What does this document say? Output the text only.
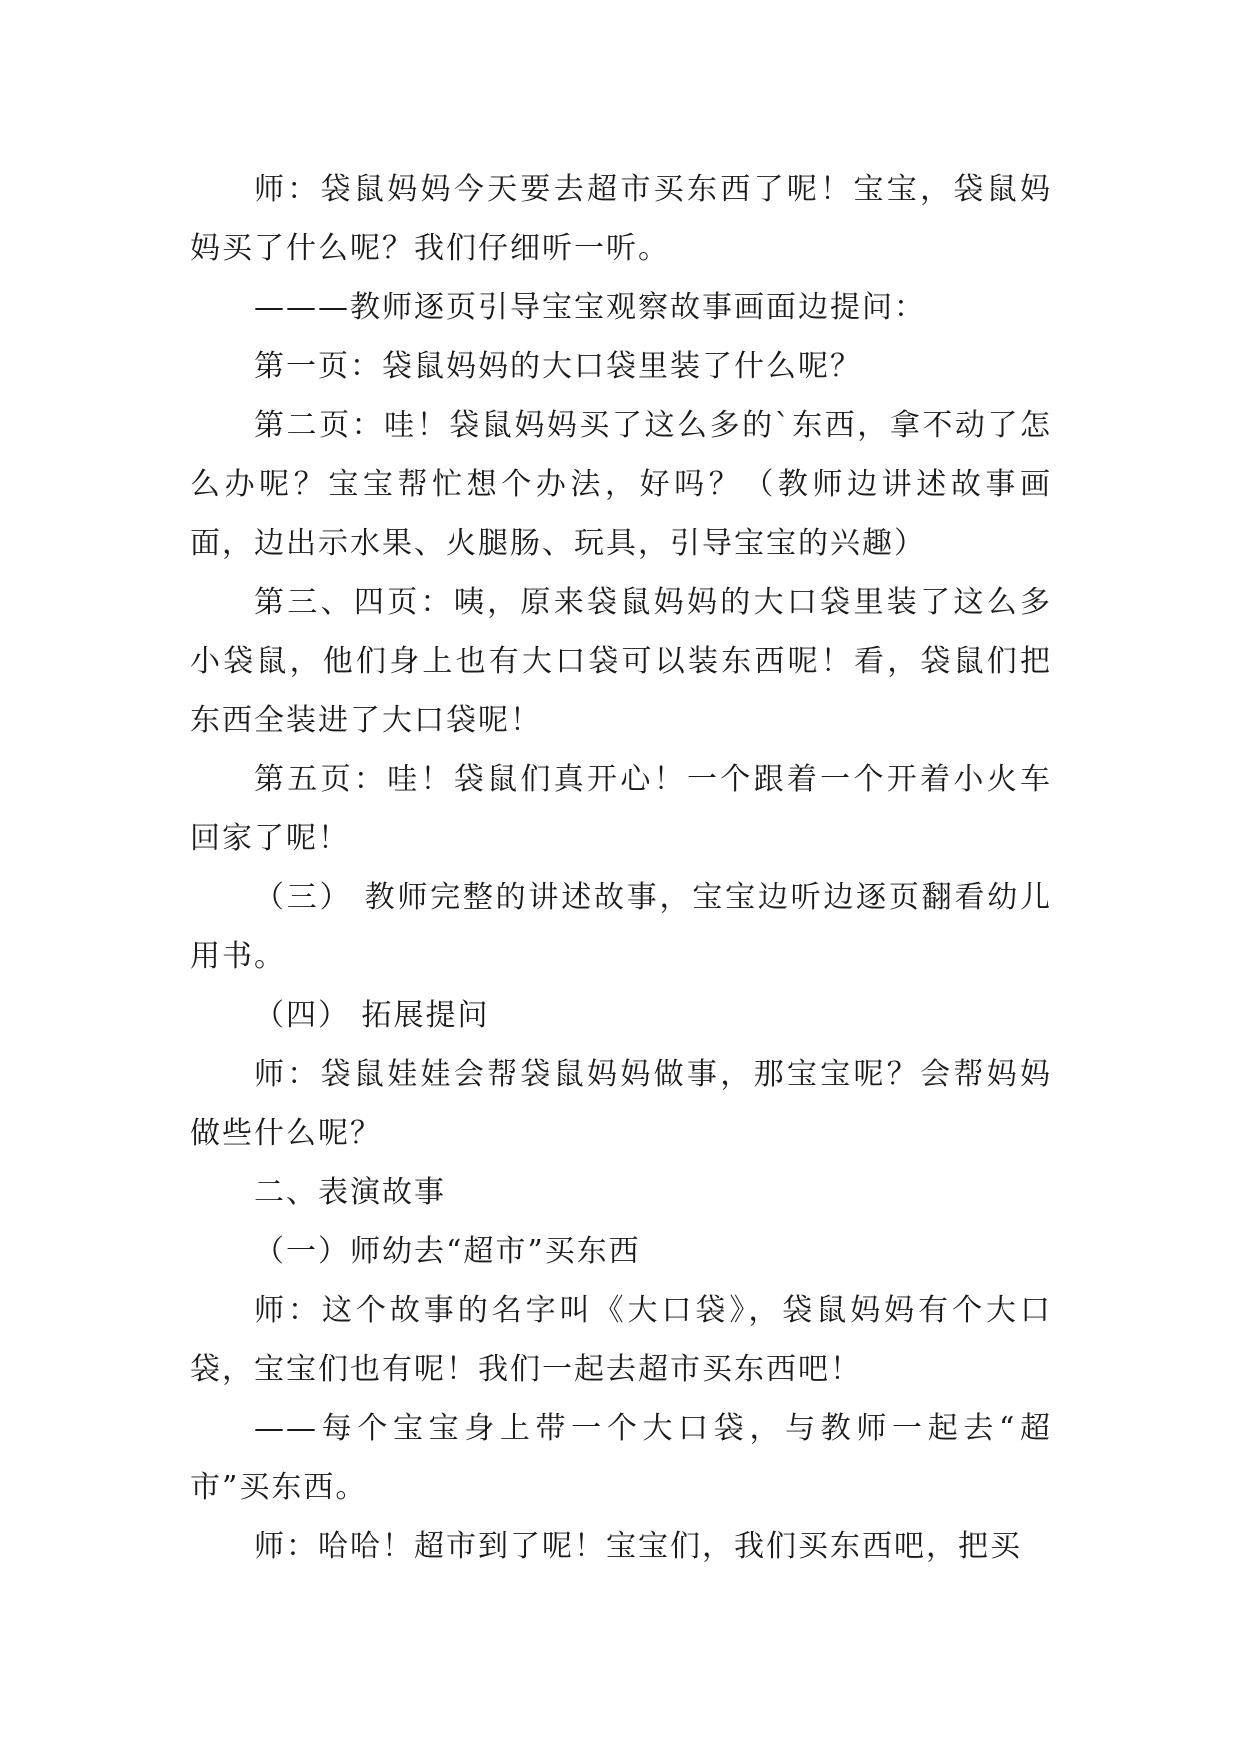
师：袋鼠妈妈今天要去超市买东西了呢！宝宝，袋鼠妈妈买了什么呢？我们仔细听一听。

———教师逐页引导宝宝观察故事画面边提问：

第一页：袋鼠妈妈的大口袋里装了什么呢？

第二页：哇！袋鼠妈妈买了这么多的`东西，拿不动了怎么办呢？宝宝帮忙想个办法，好吗？（教师边讲述故事画面，边出示水果、火腿肠、玩具，引导宝宝的兴趣）

第三、四页：咦，原来袋鼠妈妈的大口袋里装了这么多小袋鼠，他们身上也有大口袋可以装东西呢！看，袋鼠们把东西全装进了大口袋呢！

第五页：哇！袋鼠们真开心！一个跟着一个开着小火车回家了呢！

（三） 教师完整的讲述故事，宝宝边听边逐页翻看幼儿用书。

（四） 拓展提问

师：袋鼠娃娃会帮袋鼠妈妈做事，那宝宝呢？会帮妈妈做些什么呢？

二、表演故事

（一）师幼去“超市”买东西

师：这个故事的名字叫《大口袋》，袋鼠妈妈有个大口袋，宝宝们也有呢！我们一起去超市买东西吧！

——每个宝宝身上带一个大口袋，与教师一起去“超市”买东西。

师：哈哈！超市到了呢！宝宝们，我们买东西吧，把买
